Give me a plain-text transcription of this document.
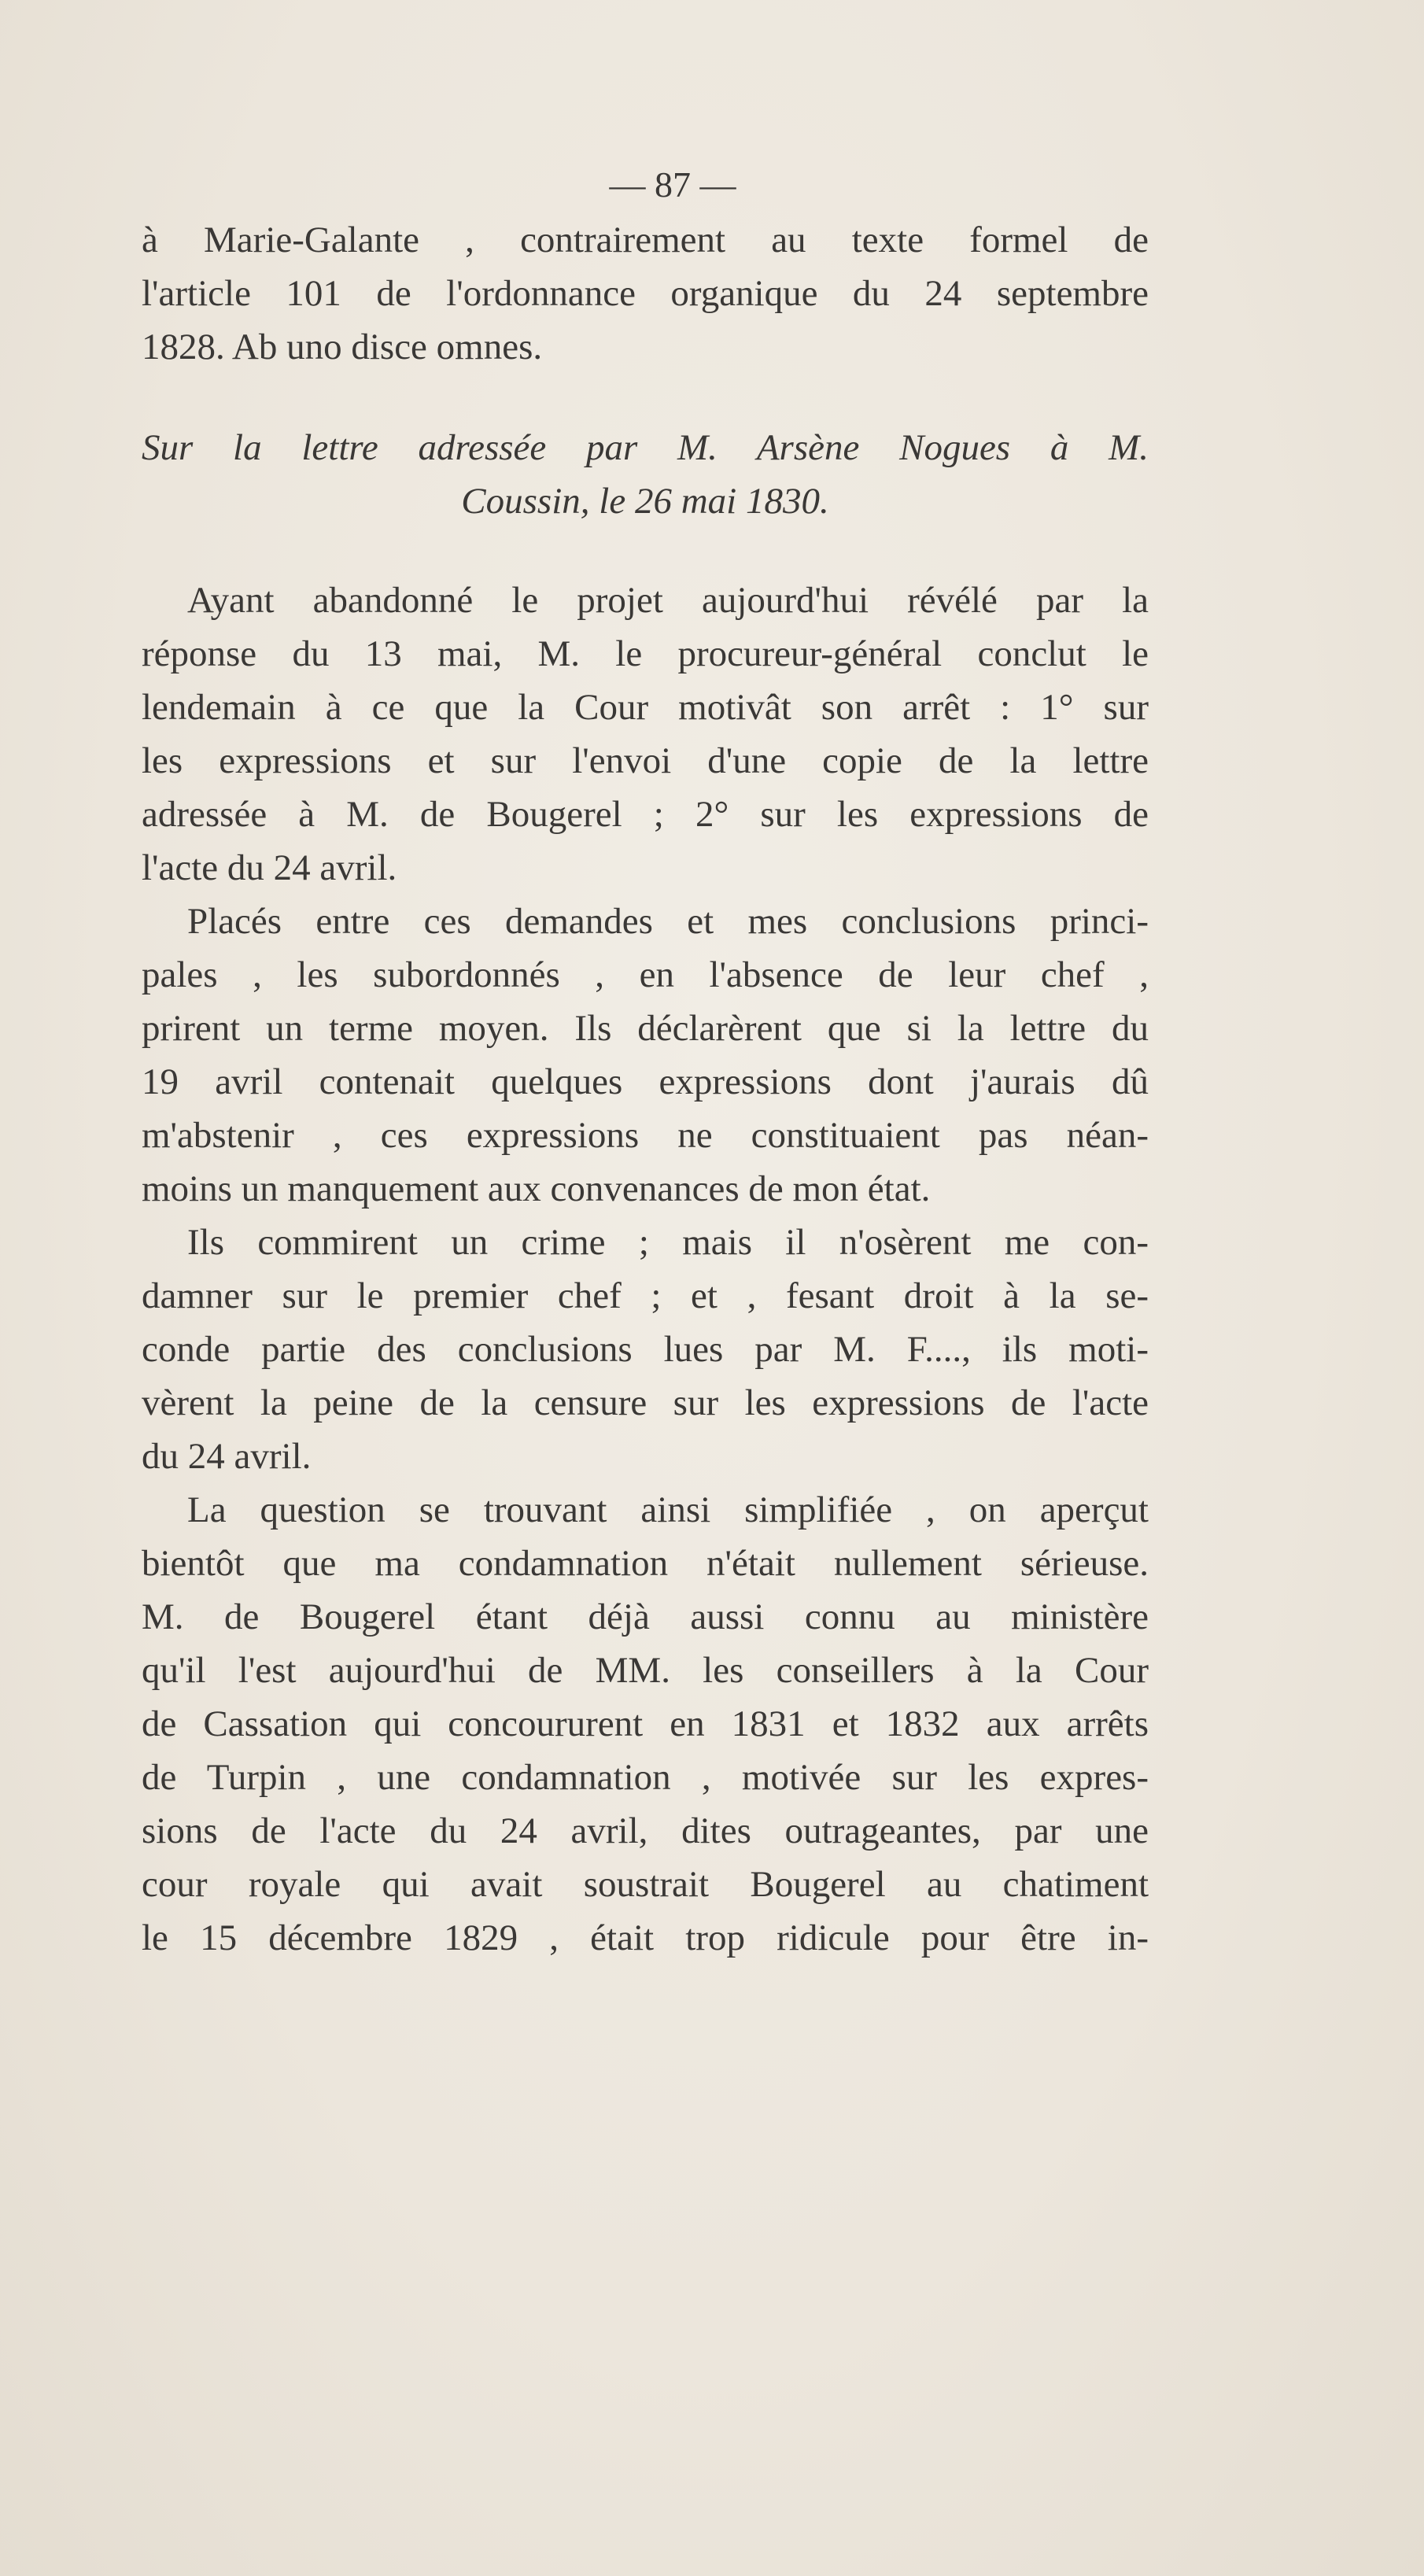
— 87 —
à Marie-Galante , contrairement au texte formel de
l'article 101 de l'ordonnance organique du 24 septembre
1828. Ab uno disce omnes.
Sur la lettre adressée par M. Arsène Nogues à M.
Coussin, le 26 mai 1830.
Ayant abandonné le projet aujourd'hui révélé par la
réponse du 13 mai, M. le procureur-général conclut le
lendemain à ce que la Cour motivât son arrêt : 1° sur
les expressions et sur l'envoi d'une copie de la lettre
adressée à M. de Bougerel ; 2° sur les expressions de
l'acte du 24 avril.
Placés entre ces demandes et mes conclusions princi-
pales , les subordonnés , en l'absence de leur chef ,
prirent un terme moyen. Ils déclarèrent que si la lettre du
19 avril contenait quelques expressions dont j'aurais dû
m'abstenir , ces expressions ne constituaient pas néan-
moins un manquement aux convenances de mon état.
Ils commirent un crime ; mais il n'osèrent me con-
damner sur le premier chef ; et , fesant droit à la se-
conde partie des conclusions lues par M. F...., ils moti-
vèrent la peine de la censure sur les expressions de l'acte
du 24 avril.
La question se trouvant ainsi simplifiée , on aperçut
bientôt que ma condamnation n'était nullement sérieuse.
M. de Bougerel étant déjà aussi connu au ministère
qu'il l'est aujourd'hui de MM. les conseillers à la Cour
de Cassation qui concoururent en 1831 et 1832 aux arrêts
de Turpin , une condamnation , motivée sur les expres-
sions de l'acte du 24 avril, dites outrageantes, par une
cour royale qui avait soustrait Bougerel au chatiment
le 15 décembre 1829 , était trop ridicule pour être in-
